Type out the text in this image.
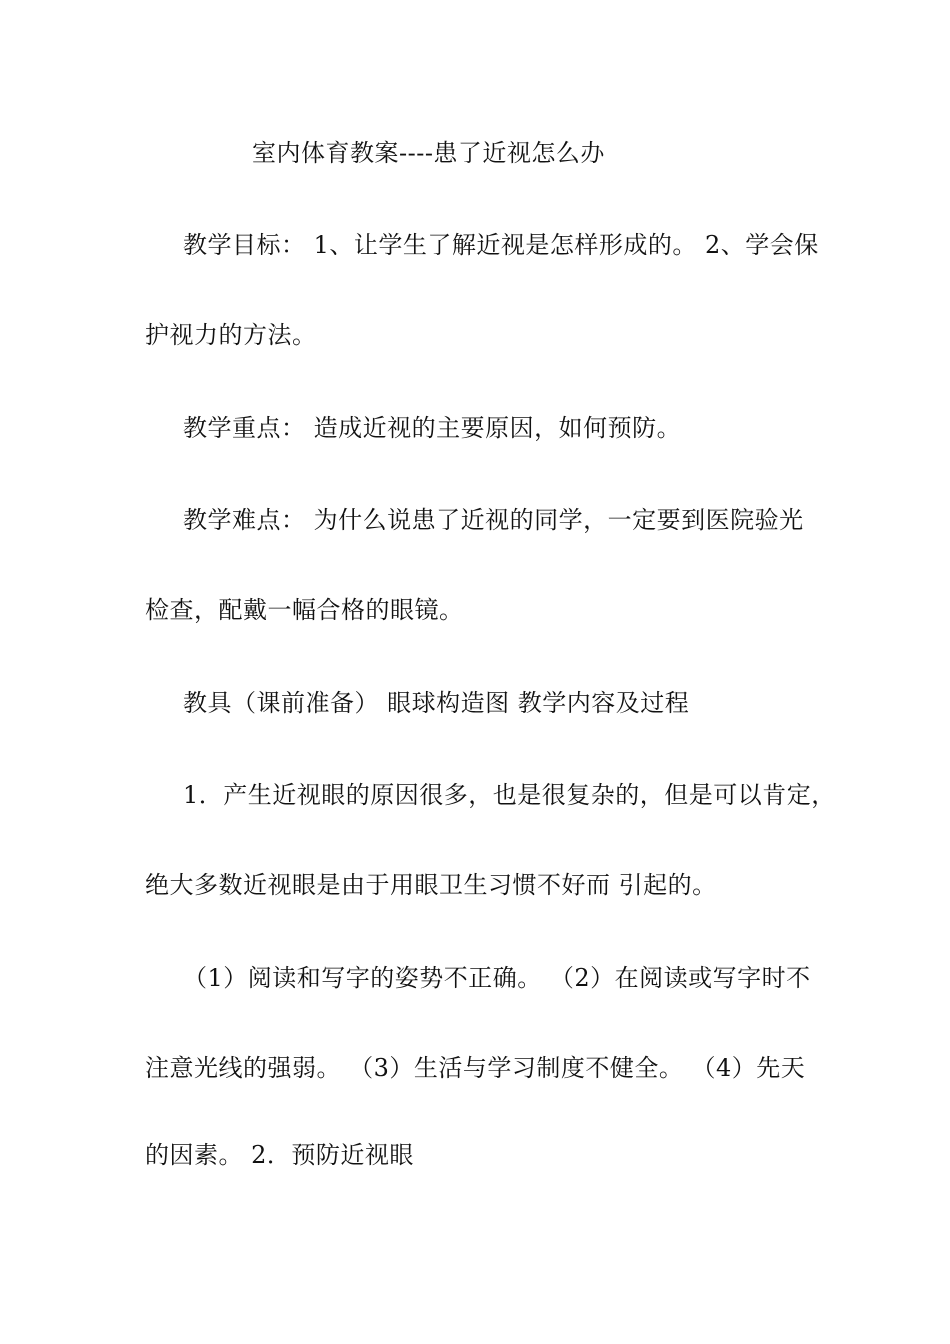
室内体育教案----患了近视怎么办
教学目标： 1、让学生了解近视是怎样形成的。 2、学会保
护视力的方法。
教学重点： 造成近视的主要原因，如何预防。
教学难点： 为什么说患了近视的同学，一定要到医院验光
检查，配戴一幅合格的眼镜。
教具（课前准备） 眼球构造图 教学内容及过程
1．产生近视眼的原因很多，也是很复杂的，但是可以肯定，
绝大多数近视眼是由于用眼卫生习惯不好而 引起的。
（1）阅读和写字的姿势不正确。 （2）在阅读或写字时不
注意光线的强弱。 （3）生活与学习制度不健全。 （4）先天
的因素。 2．预防近视眼
